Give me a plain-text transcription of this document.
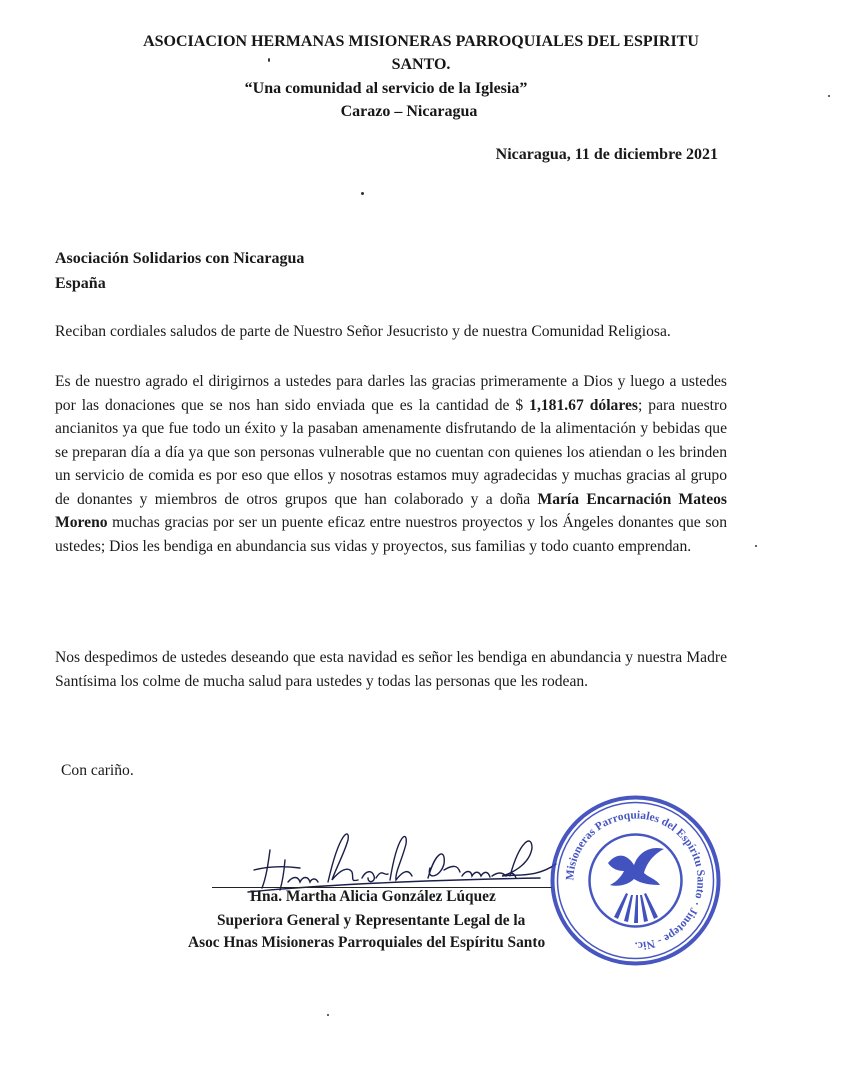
ASOCIACION HERMANAS MISIONERAS PARROQUIALES DEL ESPIRITU
SANTO.
“Una comunidad al servicio de la Iglesia”
Carazo – Nicaragua
Nicaragua, 11 de diciembre 2021
Asociación Solidarios con Nicaragua
España
Reciban cordiales saludos de parte de Nuestro Señor Jesucristo y de nuestra Comunidad Religiosa.
Es de nuestro agrado el dirigirnos a ustedes para darles las gracias primeramente a Dios y luego a ustedes por las donaciones que se nos han sido enviada que es la cantidad de $ 1,181.67 dólares; para nuestro ancianitos ya que fue todo un éxito y la pasaban amenamente disfrutando de la alimentación y bebidas que se preparan día a día ya que son personas vulnerable que no cuentan con quienes los atiendan o les brinden un servicio de comida es por eso que ellos y nosotras estamos muy agradecidas y muchas gracias al grupo de donantes y miembros de otros grupos que han colaborado y a doña María Encarnación Mateos Moreno muchas gracias por ser un puente eficaz entre nuestros proyectos y los Ángeles donantes que son ustedes; Dios les bendiga en abundancia sus vidas y proyectos, sus familias y todo cuanto emprendan.
Nos despedimos de ustedes deseando que esta navidad es señor les bendiga en abundancia y nuestra Madre Santísima los colme de mucha salud para ustedes y todas las personas que les rodean.
Con cariño.
Hna. Martha Alicia González Lúquez
Superiora General y Representante Legal de la
Asoc Hnas Misioneras Parroquiales del Espíritu Santo
Misioneras Parroquiales del Espíritu Santo · Jinotepe - Nic.
